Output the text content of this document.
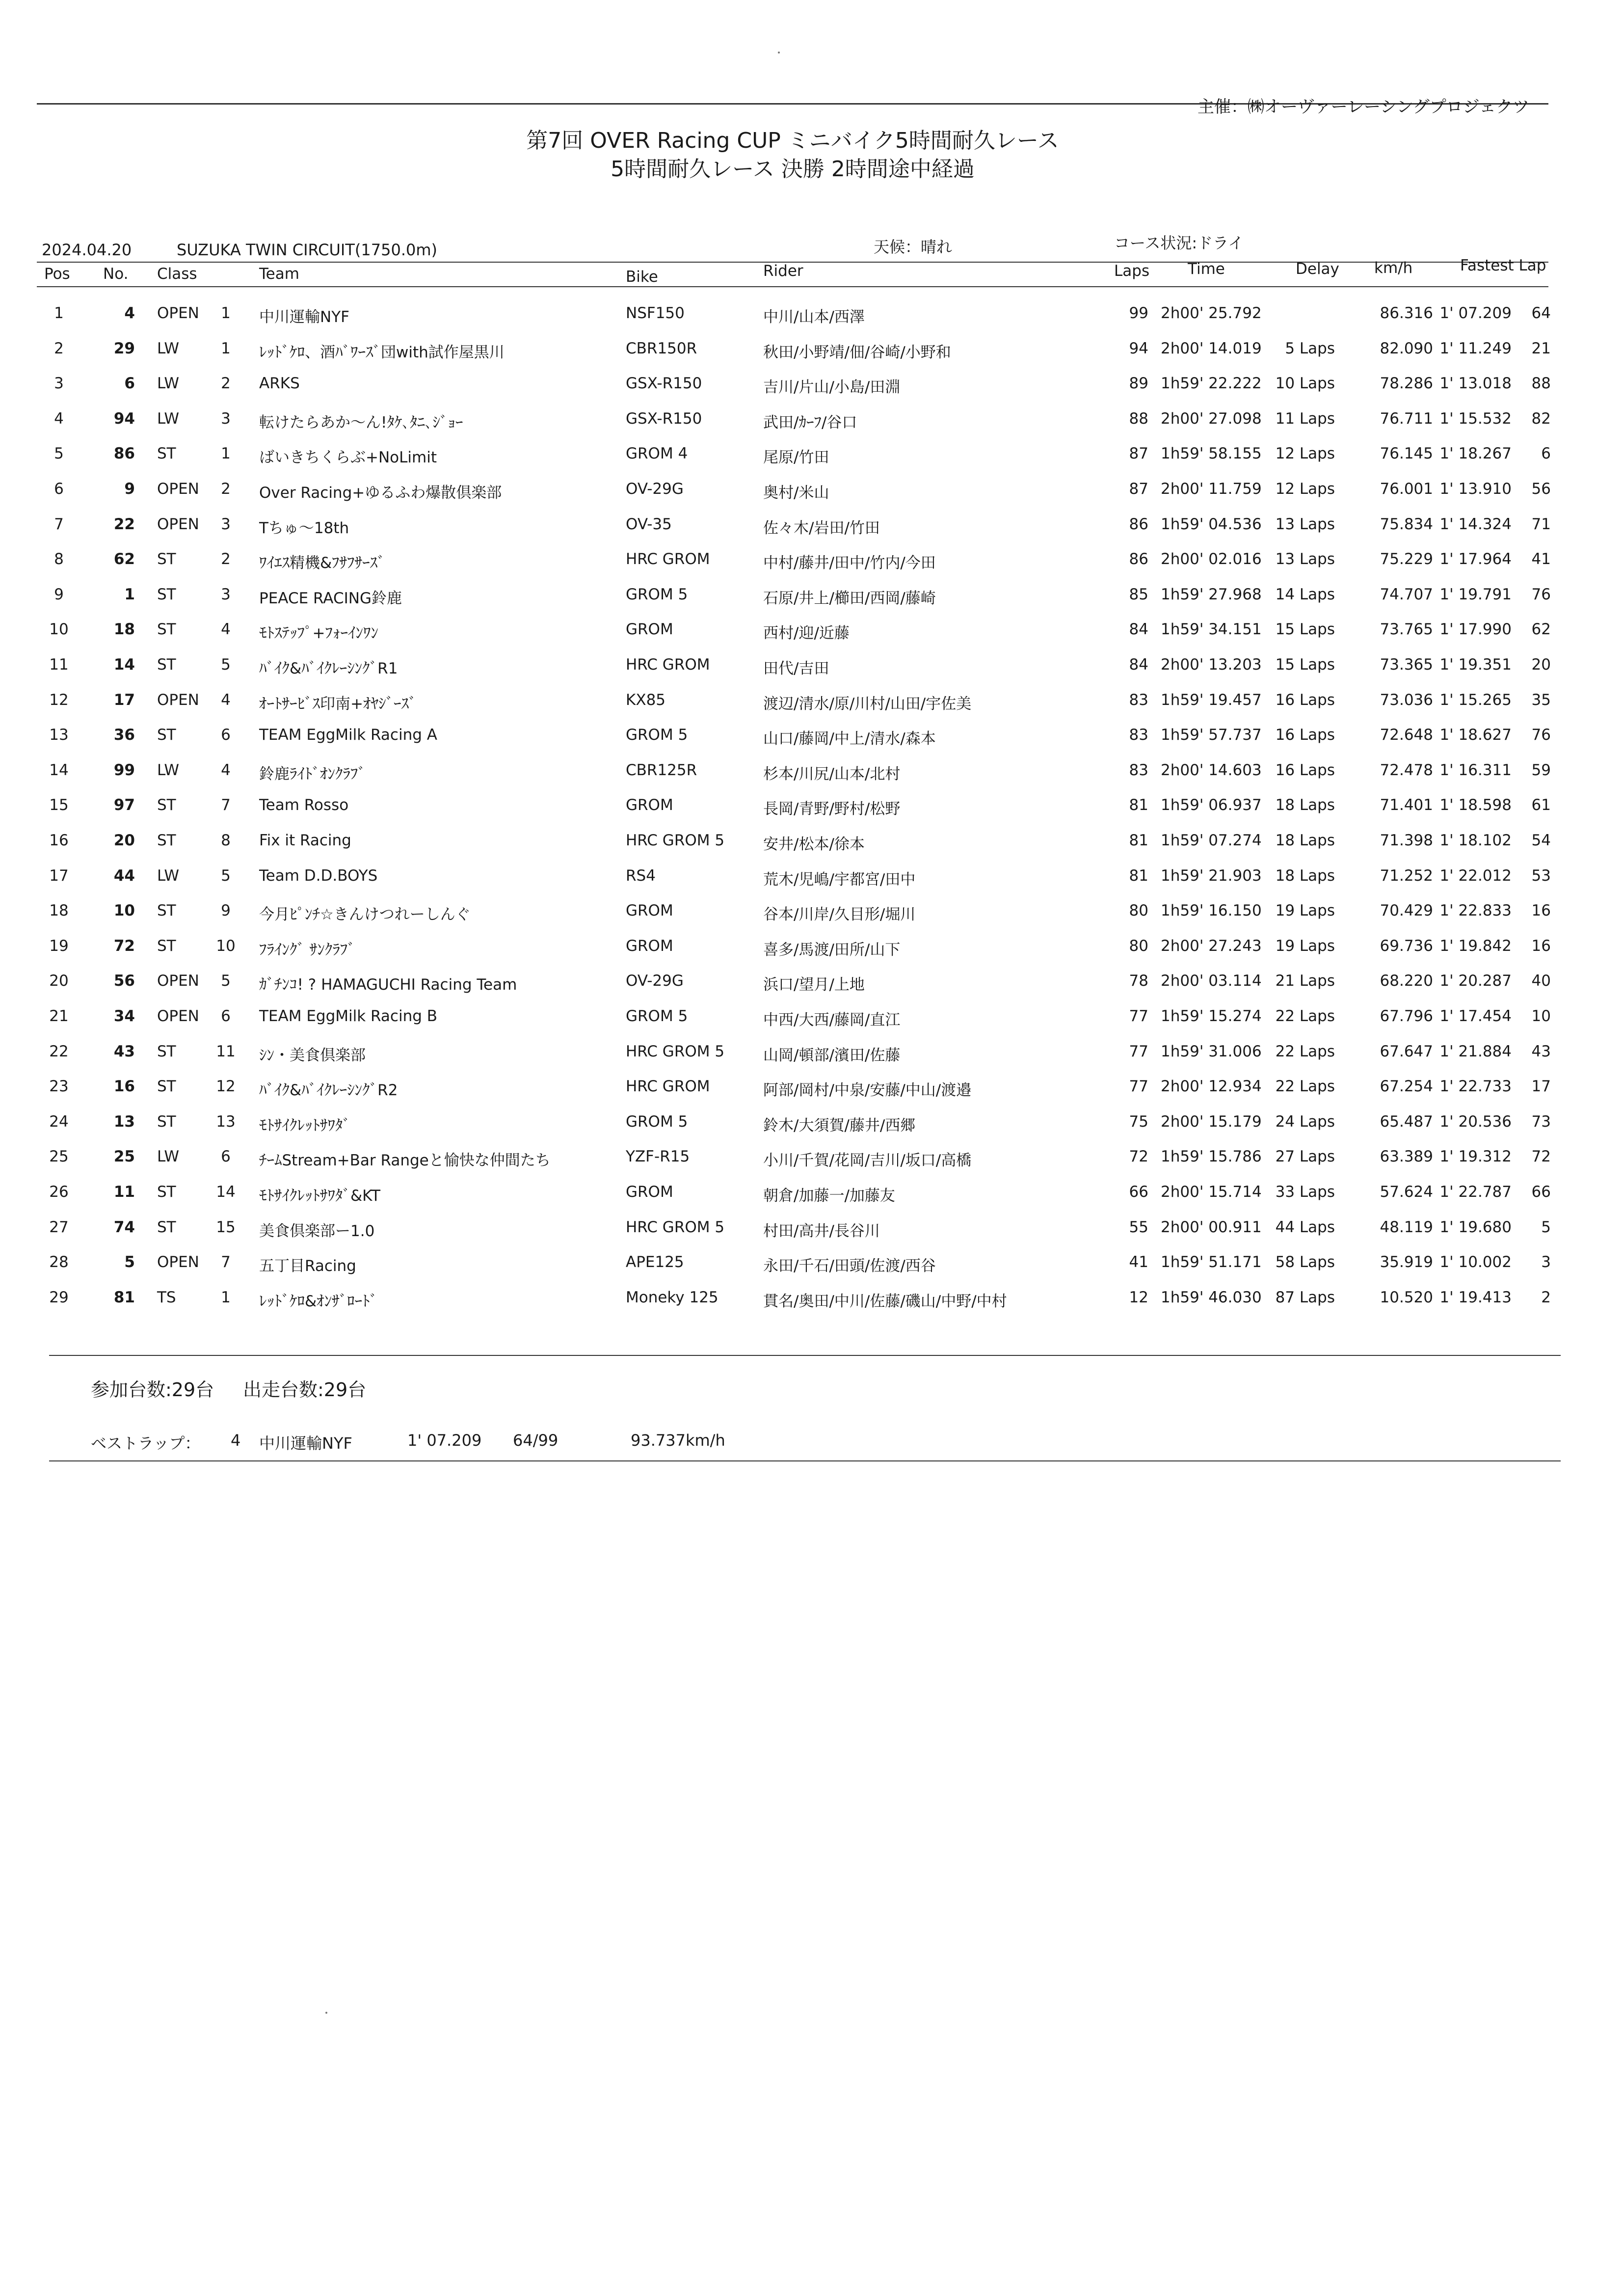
主催：㈱オーヴァーレーシングプロジェクツ
第7回 OVER Racing CUP ミニバイク5時間耐久レース
5時間耐久レース 決勝 2時間途中経過
2024.04.20	SUZUKA TWIN CIRCUIT(1750.0m)	天候：晴れ	コース状況:ドライ
Pos No. Class	Team	Bike	Rider	Laps	Time	Delay km/h	Fastest Lap
1	4 OPEN	1	中川運輸NYF	NSF150	中川/山本/西澤	99 2h00' 25.792	86.316 1' 07.209	64
2	29 LW	1	ﾚｯﾄﾞｹﾛ、酒ﾊﾞﾜｰｽﾞ団with試作屋黒川	CBR150R	秋田/小野靖/佃/谷崎/小野和	94 2h00' 14.019	5 Laps	82.090 1' 11.249	21
3	6 LW	2	ARKS	GSX-R150	吉川/片山/小島/田淵	89 1h59' 22.222 10 Laps	78.286 1' 13.018	88
4	94 LW	3	転けたらあか～ん!ﾀｹ､ﾀﾆ､ｼﾞｮｰ	GSX-R150	武田/ｶｰﾌ/谷口	88 2h00' 27.098 11 Laps	76.711 1' 15.532	82
5	86 ST	1	ばいきちくらぶ+NoLimit	GROM 4	尾原/竹田	87 1h59' 58.155 12 Laps	76.145 1' 18.267	6
6	9 OPEN	2	Over Racing+ゆるふわ爆散倶楽部	OV-29G	奥村/米山	87 2h00' 11.759 12 Laps	76.001 1' 13.910	56
7	22 OPEN	3	Tちゅ～18th	OV-35	佐々木/岩田/竹田	86 1h59' 04.536 13 Laps	75.834 1' 14.324	71
8	62 ST	2	ﾜｲｴｽ精機&ﾌｻﾌｻｰｽﾞ	HRC GROM	中村/藤井/田中/竹内/今田	86 2h00' 02.016 13 Laps	75.229 1' 17.964	41
9	1 ST	3	PEACE RACING鈴鹿	GROM 5	石原/井上/櫛田/西岡/藤崎	85 1h59' 27.968 14 Laps	74.707 1' 19.791	76
10	18 ST	4	ﾓﾄｽﾃｯﾌﾟ+ﾌｫｰｲﾝﾜﾝ	GROM	西村/迎/近藤	84 1h59' 34.151 15 Laps	73.765 1' 17.990	62
11	14 ST	5	ﾊﾞｲｸ&ﾊﾞｲｸﾚｰｼﾝｸﾞR1	HRC GROM	田代/吉田	84 2h00' 13.203 15 Laps	73.365 1' 19.351	20
12	17 OPEN	4	ｵｰﾄｻｰﾋﾞｽ印南+ｵﾔｼﾞｰｽﾞ	KX85	渡辺/清水/原/川村/山田/宇佐美	83 1h59' 19.457 16 Laps	73.036 1' 15.265	35
13	36 ST	6	TEAM EggMilk Racing A	GROM 5	山口/藤岡/中上/清水/森本	83 1h59' 57.737 16 Laps	72.648 1' 18.627	76
14	99 LW	4	鈴鹿ﾗｲﾄﾞｵﾝｸﾗﾌﾞ	CBR125R	杉本/川尻/山本/北村	83 2h00' 14.603 16 Laps	72.478 1' 16.311	59
15	97 ST	7	Team Rosso	GROM	長岡/青野/野村/松野	81 1h59' 06.937 18 Laps	71.401 1' 18.598	61
16	20 ST	8	Fix it Racing	HRC GROM 5	安井/松本/徐本	81 1h59' 07.274 18 Laps	71.398 1' 18.102	54
17	44 LW	5	Team D.D.BOYS	RS4	荒木/児嶋/宇都宮/田中	81 1h59' 21.903 18 Laps	71.252 1' 22.012	53
18	10 ST	9	今月ﾋﾟﾝﾁ☆きんけつれーしんぐ	GROM	谷本/川岸/久目形/堀川	80 1h59' 16.150 19 Laps	70.429 1' 22.833	16
19	72 ST	10	ﾌﾗｲﾝｸﾞ ｻﾝｸﾗﾌﾞ	GROM	喜多/馬渡/田所/山下	80 2h00' 27.243 19 Laps	69.736 1' 19.842	16
20	56 OPEN	5	ｶﾞﾁﾝｺ! ? HAMAGUCHI Racing Team	OV-29G	浜口/望月/上地	78 2h00' 03.114 21 Laps	68.220 1' 20.287	40
21	34 OPEN	6	TEAM EggMilk Racing B	GROM 5	中西/大西/藤岡/直江	77 1h59' 15.274 22 Laps	67.796 1' 17.454	10
22	43 ST	11	ｼﾝ・美食倶楽部	HRC GROM 5	山岡/頓部/濱田/佐藤	77 1h59' 31.006 22 Laps	67.647 1' 21.884	43
23	16 ST	12	ﾊﾞｲｸ&ﾊﾞｲｸﾚｰｼﾝｸﾞR2	HRC GROM	阿部/岡村/中泉/安藤/中山/渡邉	77 2h00' 12.934 22 Laps	67.254 1' 22.733	17
24	13 ST	13	ﾓﾄｻｲｸﾚｯﾄｻﾜﾀﾞ	GROM 5	鈴木/大須賀/藤井/西郷	75 2h00' 15.179 24 Laps	65.487 1' 20.536	73
25	25 LW	6	ﾁｰﾑStream+Bar Rangeと愉快な仲間たち	YZF-R15	小川/千賀/花岡/吉川/坂口/高橋	72 1h59' 15.786 27 Laps	63.389 1' 19.312	72
26	11 ST	14	ﾓﾄｻｲｸﾚｯﾄｻﾜﾀﾞ&KT	GROM	朝倉/加藤一/加藤友	66 2h00' 15.714 33 Laps	57.624 1' 22.787	66
27	74 ST	15	美食倶楽部ー1.0	HRC GROM 5	村田/高井/長谷川	55 2h00' 00.911 44 Laps	48.119 1' 19.680	5
28	5 OPEN	7	五丁目Racing	APE125	永田/千石/田頭/佐渡/西谷	41 1h59' 51.171 58 Laps	35.919 1' 10.002	3
29	81 TS	1	ﾚｯﾄﾞｹﾛ&ｵﾝｻﾞﾛｰﾄﾞ	Moneky 125	貫名/奥田/中川/佐藤/磯山/中野/中村	12 1h59' 46.030 87 Laps	10.520 1' 19.413	2
参加台数:29台 出走台数:29台
ベストラップ： 4 中川運輸NYF	1' 07.209 64/99	93.737km/h
